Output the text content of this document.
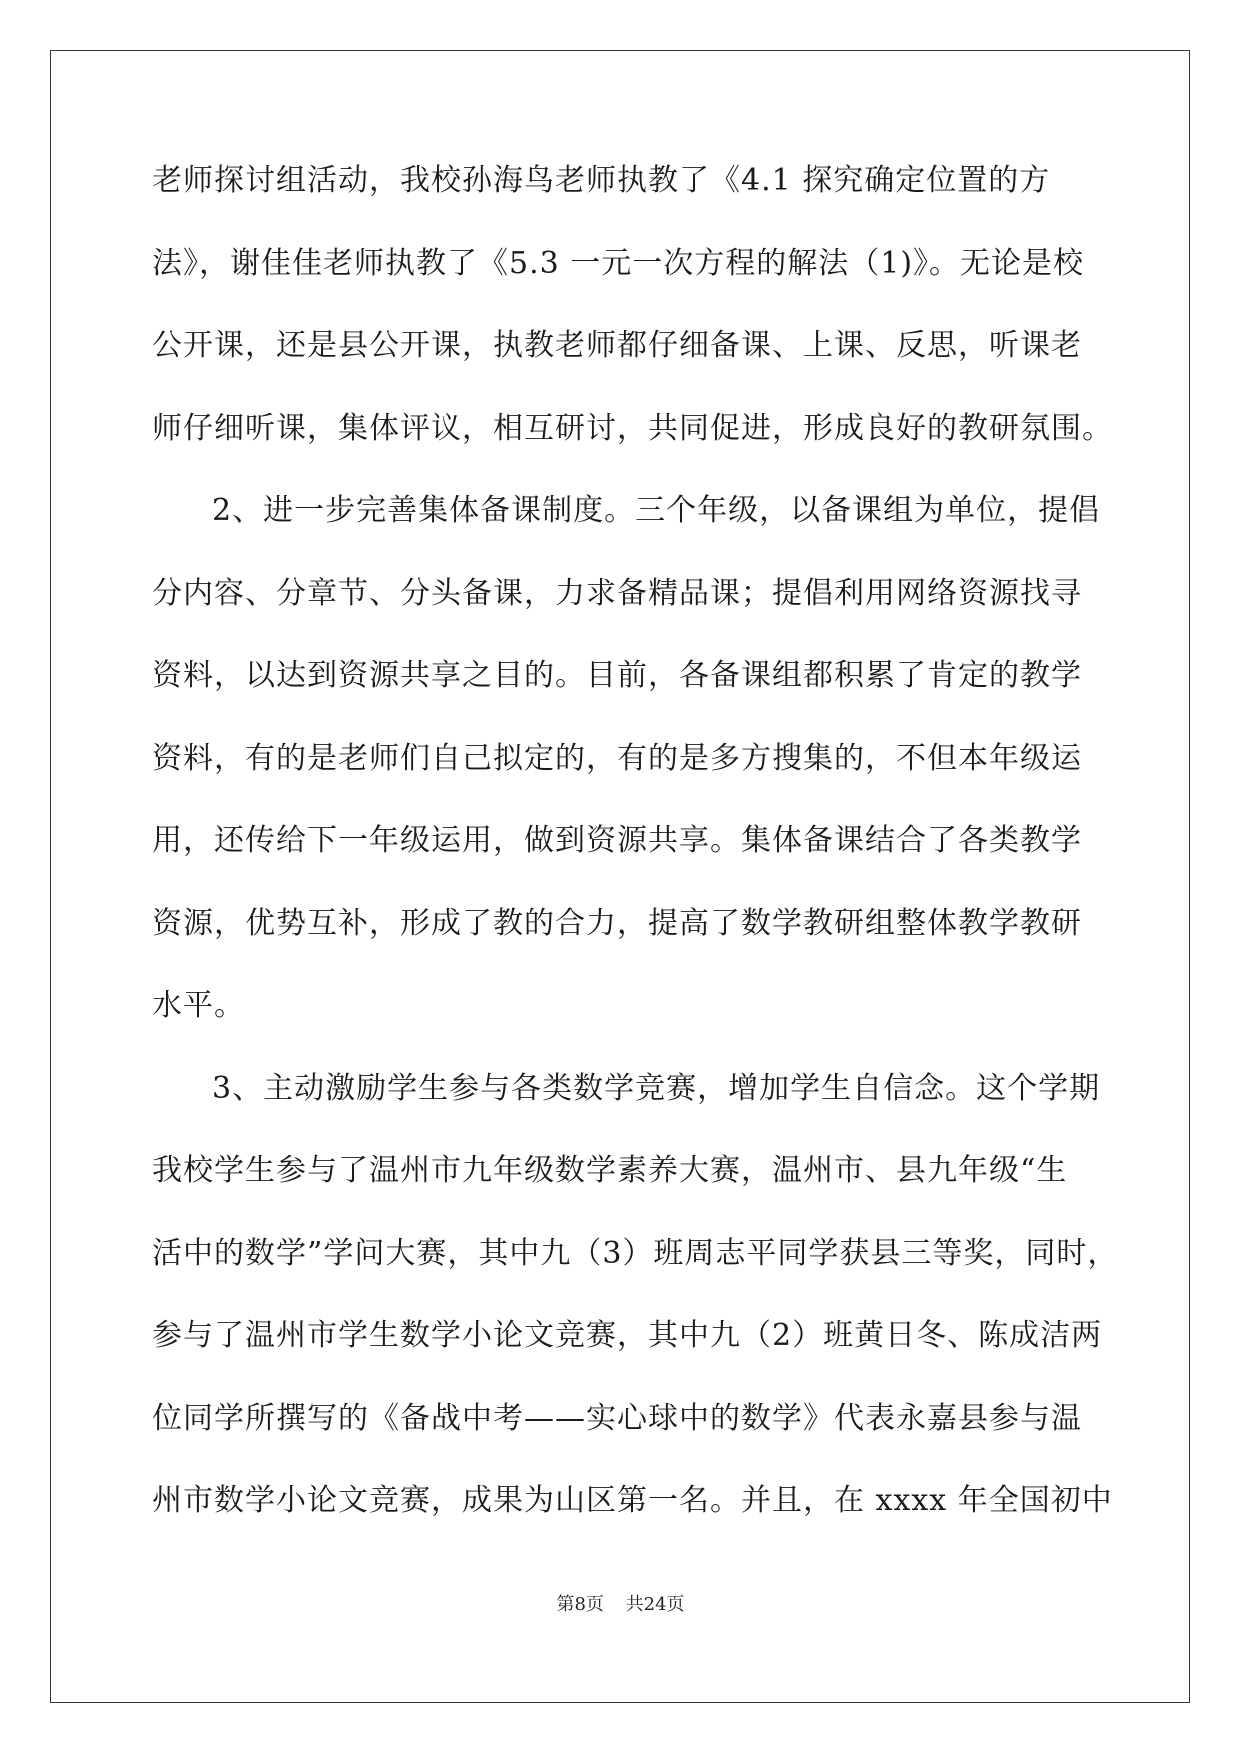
老师探讨组活动，我校孙海鸟老师执教了《4.1 探究确定位置的方
法》，谢佳佳老师执教了《5.3 一元一次方程的解法（1)》。无论是校
公开课，还是县公开课，执教老师都仔细备课、上课、反思，听课老
师仔细听课，集体评议，相互研讨，共同促进，形成良好的教研氛围。
2、进一步完善集体备课制度。三个年级，以备课组为单位，提倡
分内容、分章节、分头备课，力求备精品课；提倡利用网络资源找寻
资料，以达到资源共享之目的。目前，各备课组都积累了肯定的教学
资料，有的是老师们自己拟定的，有的是多方搜集的，不但本年级运
用，还传给下一年级运用，做到资源共享。集体备课结合了各类教学
资源，优势互补，形成了教的合力，提高了数学教研组整体教学教研
水平。
3、主动激励学生参与各类数学竞赛，增加学生自信念。这个学期
我校学生参与了温州市九年级数学素养大赛，温州市、县九年级“生
活中的数学”学问大赛，其中九（3）班周志平同学获县三等奖，同时，
参与了温州市学生数学小论文竞赛，其中九（2）班黄日冬、陈成洁两
位同学所撰写的《备战中考——实心球中的数学》代表永嘉县参与温
州市数学小论文竞赛，成果为山区第一名。并且，在 xxxx 年全国初中
第8页 共24页
